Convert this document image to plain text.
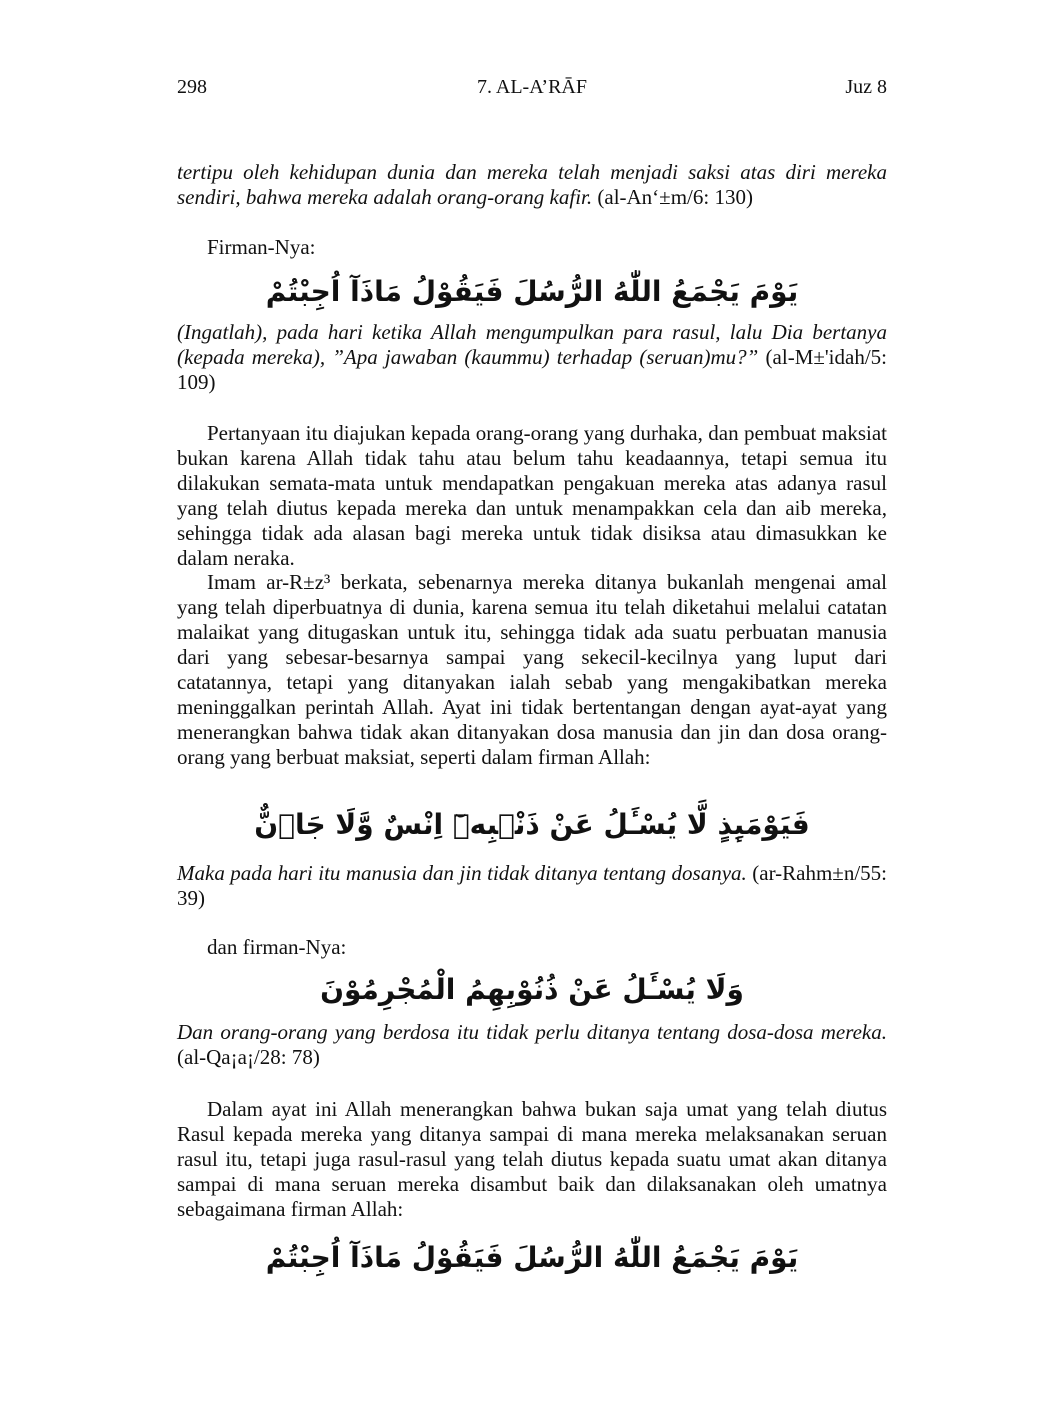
298	7. AL-A’RĀF	Juz 8

tertipu oleh kehidupan dunia dan mereka telah menjadi saksi atas diri mereka sendiri, bahwa mereka adalah orang-orang kafir. (al-An‘±m/6: 130)

Firman-Nya:

يَوْمَ يَجْمَعُ اللّٰهُ الرُّسُلَ فَيَقُوْلُ مَاذَآ اُجِبْتُمْ

(Ingatlah), pada hari ketika Allah mengumpulkan para rasul, lalu Dia bertanya (kepada mereka), ”Apa jawaban (kaummu) terhadap (seruan)mu?” (al-M±'idah/5: 109)

Pertanyaan itu diajukan kepada orang-orang yang durhaka, dan pembuat maksiat bukan karena Allah tidak tahu atau belum tahu keadaannya, tetapi semua itu dilakukan semata-mata untuk mendapatkan pengakuan mereka atas adanya rasul yang telah diutus kepada mereka dan untuk menampakkan cela dan aib mereka, sehingga tidak ada alasan bagi mereka untuk tidak disiksa atau dimasukkan ke dalam neraka.

Imam ar-R±z³ berkata, sebenarnya mereka ditanya bukanlah mengenai amal yang telah diperbuatnya di dunia, karena semua itu telah diketahui melalui catatan malaikat yang ditugaskan untuk itu, sehingga tidak ada suatu perbuatan manusia dari yang sebesar-besarnya sampai yang sekecil-kecilnya yang luput dari catatannya, tetapi yang ditanyakan ialah sebab yang mengakibatkan mereka meninggalkan perintah Allah. Ayat ini tidak bertentangan dengan ayat-ayat yang menerangkan bahwa tidak akan ditanyakan dosa manusia dan jin dan dosa orang-orang yang berbuat maksiat, seperti dalam firman Allah:

فَيَوْمَىِٕذٍ لَّا يُسْـَٔلُ عَنْ ذَنْۢبِهٖٓ اِنْسٌ وَّلَا جَاۤنٌّ

Maka pada hari itu manusia dan jin tidak ditanya tentang dosanya. (ar-Rahm±n/55: 39)

dan firman-Nya:

وَلَا يُسْـَٔلُ عَنْ ذُنُوْبِهِمُ الْمُجْرِمُوْنَ

Dan orang-orang yang berdosa itu tidak perlu ditanya tentang dosa-dosa mereka. (al-Qa¡a¡/28: 78)

Dalam ayat ini Allah menerangkan bahwa bukan saja umat yang telah diutus Rasul kepada mereka yang ditanya sampai di mana mereka melaksanakan seruan rasul itu, tetapi juga rasul-rasul yang telah diutus kepada suatu umat akan ditanya sampai di mana seruan mereka disambut baik dan dilaksanakan oleh umatnya sebagaimana firman Allah:

يَوْمَ يَجْمَعُ اللّٰهُ الرُّسُلَ فَيَقُوْلُ مَاذَآ اُجِبْتُمْ
